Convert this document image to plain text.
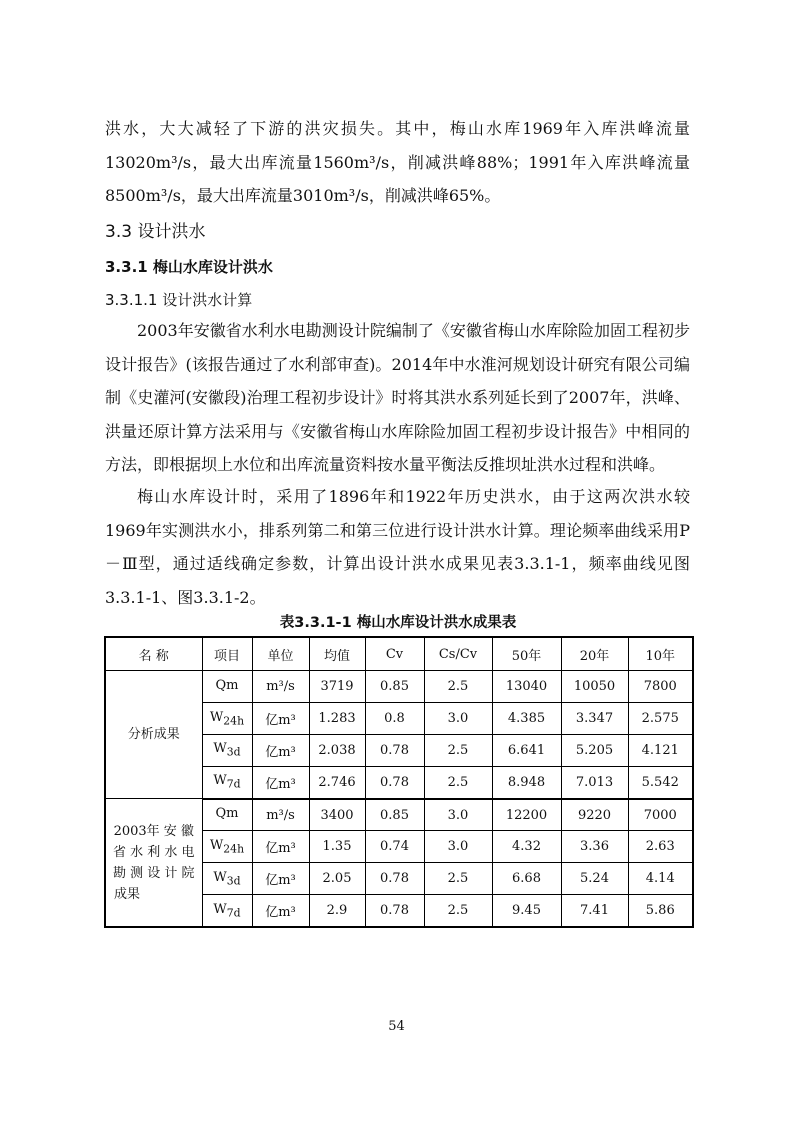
洪水，大大减轻了下游的洪灾损失。其中，梅山水库1969年入库洪峰流量13020m³/s，最大出库流量1560m³/s，削减洪峰88%；1991年入库洪峰流量8500m³/s，最大出库流量3010m³/s，削减洪峰65%。

3.3 设计洪水
3.3.1 梅山水库设计洪水
3.3.1.1 设计洪水计算

2003年安徽省水利水电勘测设计院编制了《安徽省梅山水库除险加固工程初步设计报告》(该报告通过了水利部审查)。2014年中水淮河规划设计研究有限公司编制《史灌河(安徽段)治理工程初步设计》时将其洪水系列延长到了2007年，洪峰、洪量还原计算方法采用与《安徽省梅山水库除险加固工程初步设计报告》中相同的方法，即根据坝上水位和出库流量资料按水量平衡法反推坝址洪水过程和洪峰。

梅山水库设计时，采用了1896年和1922年历史洪水，由于这两次洪水较1969年实测洪水小，排系列第二和第三位进行设计洪水计算。理论频率曲线采用P－Ⅲ型，通过适线确定参数，计算出设计洪水成果见表3.3.1-1，频率曲线见图3.3.1-1、图3.3.1-2。

表3.3.1-1 梅山水库设计洪水成果表

名 称	项目	单位	均值	Cv	Cs/Cv	50年	20年	10年
分析成果	Qm	m³/s	3719	0.85	2.5	13040	10050	7800
	$W_{24h}$	亿m³	1.283	0.8	3.0	4.385	3.347	2.575
	$W_{3d}$	亿m³	2.038	0.78	2.5	6.641	5.205	4.121
	$W_{7d}$	亿m³	2.746	0.78	2.5	8.948	7.013	5.542

2003年 安 徽
省 水 利 水 电
勘 测 设 计 院
成果	Qm	m³/s	3400	0.85	3.0	12200	9220	7000
	$W_{24h}$	亿m³	1.35	0.74	3.0	4.32	3.36	2.63
	$W_{3d}$	亿m³	2.05	0.78	2.5	6.68	5.24	4.14
	$W_{7d}$	亿m³	2.9	0.78	2.5	9.45	7.41	5.86

54
